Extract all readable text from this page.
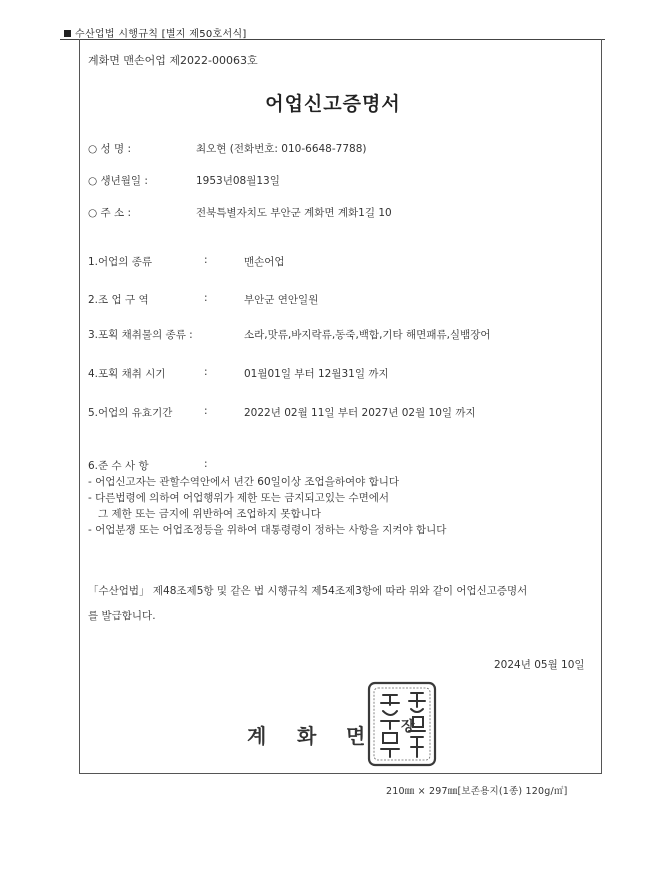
수산업법 시행규칙 [별지 제50호서식]
계화면 맨손어업 제2022-00063호
어업신고증명서
○ 성 명 :	최오현 (전화번호: 010-6648-7788)
○ 생년월일 :	1953년08월13일
○ 주 소 :	전북특별자치도 부안군 계화면 계화1길 10
1.어업의 종류	:	맨손어업
2.조 업 구 역	:	부안군 연안일원
3.포획 채취물의 종류 :	소라,맛류,바지락류,동죽,백합,기타 해면패류,실뱀장어
4.포획 채취 시기	:	01월01일 부터 12월31일 까지
5.어업의 유효기간	:	2022년 02월 11일 부터 2027년 02월 10일 까지
6.준 수 사 항	:
- 어업신고자는 관할수역안에서 년간 60일이상 조업을하여야 합니다
- 다른법령에 의하여 어업행위가 제한 또는 금지되고있는 수면에서
그 제한 또는 금지에 위반하여 조업하지 못합니다
- 어업분쟁 또는 어업조정등을 위하여 대통령령이 정하는 사항을 지켜야 합니다
「수산업법」 제48조제5항 및 같은 법 시행규칙 제54조제3항에 따라 위와 같이 어업신고증명서
를 발급합니다.
2024년 05월 10일
계 화 면	장
210㎜ × 297㎜[보존용지(1종) 120g/㎡]
